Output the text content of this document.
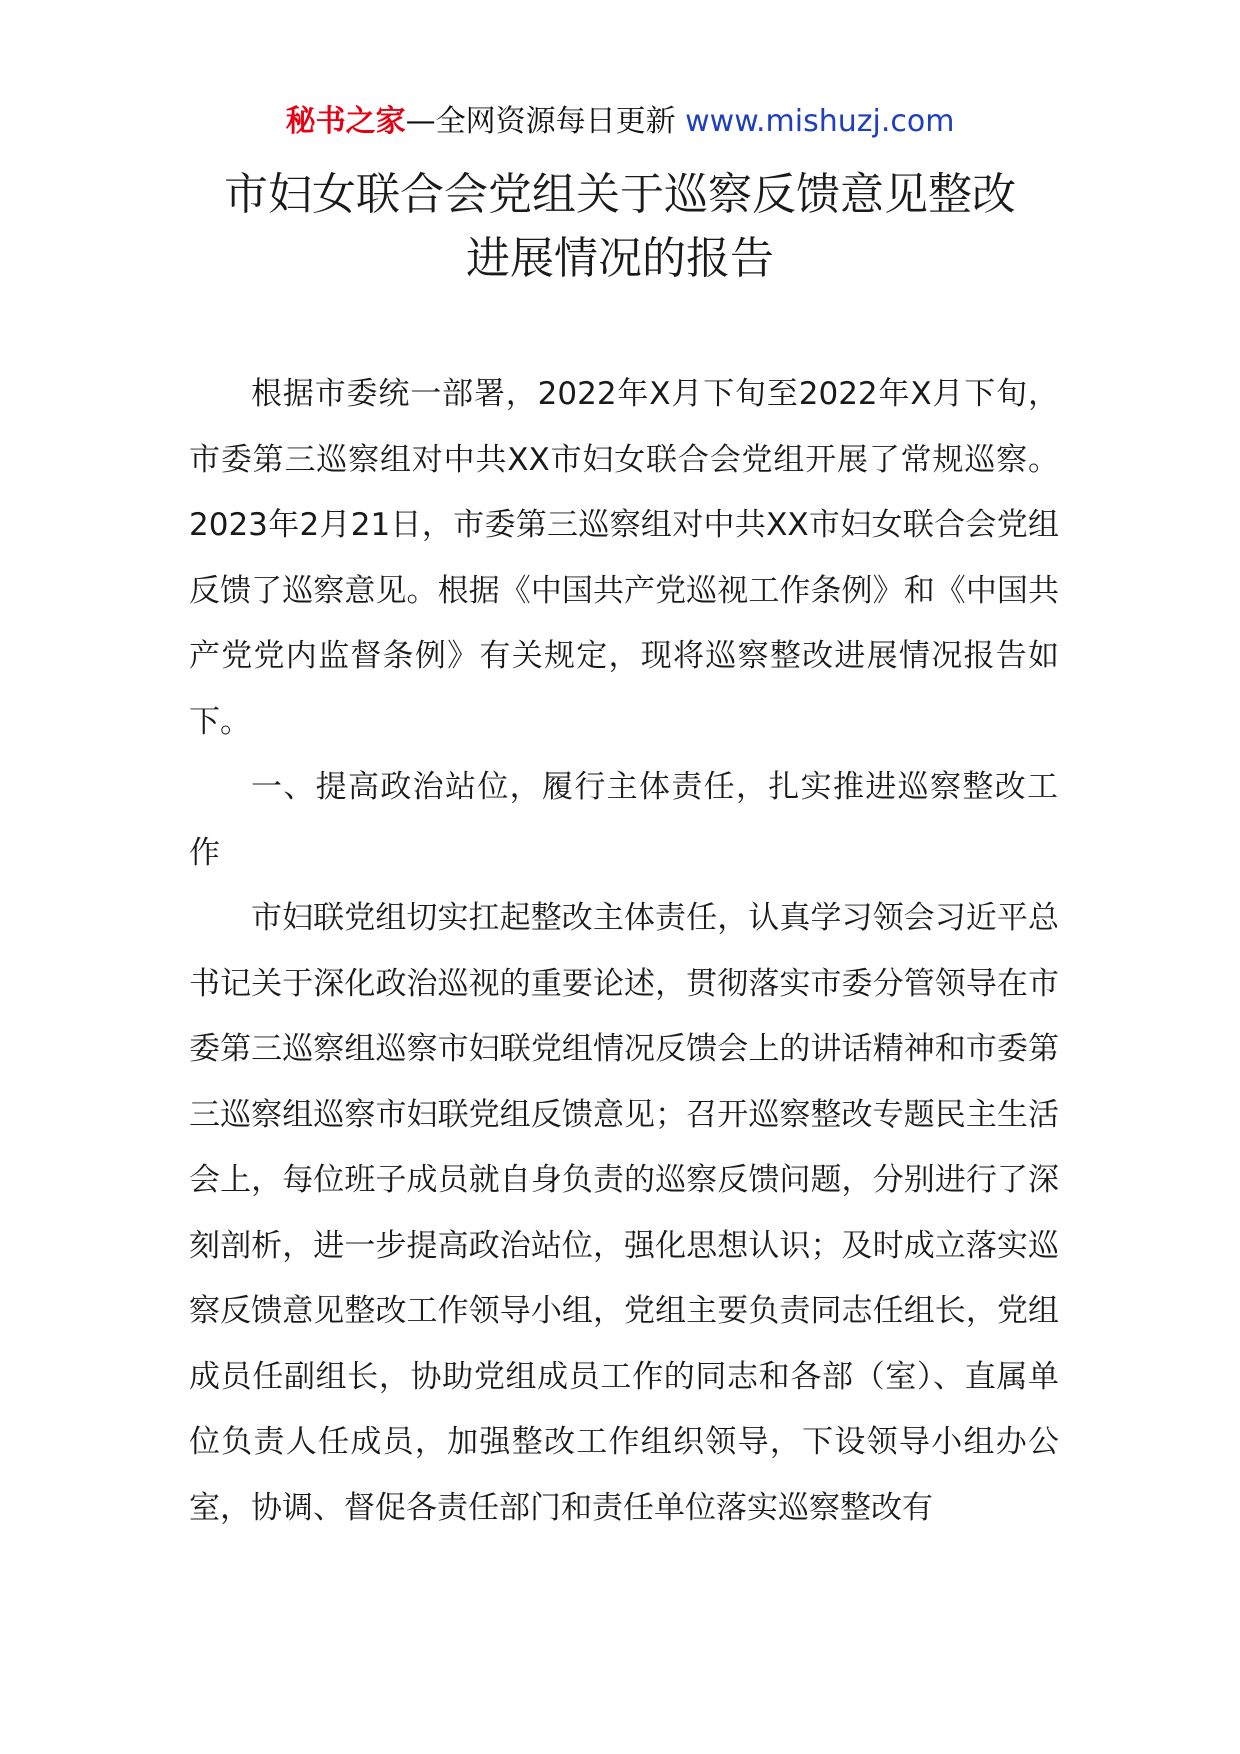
秘书之家—全网资源每日更新 www.mishuzj.com
市妇女联合会党组关于巡察反馈意见整改
进展情况的报告

根据市委统一部署，2022年X月下旬至2022年X月下旬，市委第三巡察组对中共XX市妇女联合会党组开展了常规巡察。2023年2月21日，市委第三巡察组对中共XX市妇女联合会党组反馈了巡察意见。根据《中国共产党巡视工作条例》和《中国共产党党内监督条例》有关规定，现将巡察整改进展情况报告如下。

一、提高政治站位，履行主体责任，扎实推进巡察整改工作

市妇联党组切实扛起整改主体责任，认真学习领会习近平总书记关于深化政治巡视的重要论述，贯彻落实市委分管领导在市委第三巡察组巡察市妇联党组情况反馈会上的讲话精神和市委第三巡察组巡察市妇联党组反馈意见；召开巡察整改专题民主生活会上，每位班子成员就自身负责的巡察反馈问题，分别进行了深刻剖析，进一步提高政治站位，强化思想认识；及时成立落实巡察反馈意见整改工作领导小组，党组主要负责同志任组长，党组成员任副组长，协助党组成员工作的同志和各部（室）、直属单位负责人任成员，加强整改工作组织领导，下设领导小组办公室，协调、督促各责任部门和责任单位落实巡察整改有
